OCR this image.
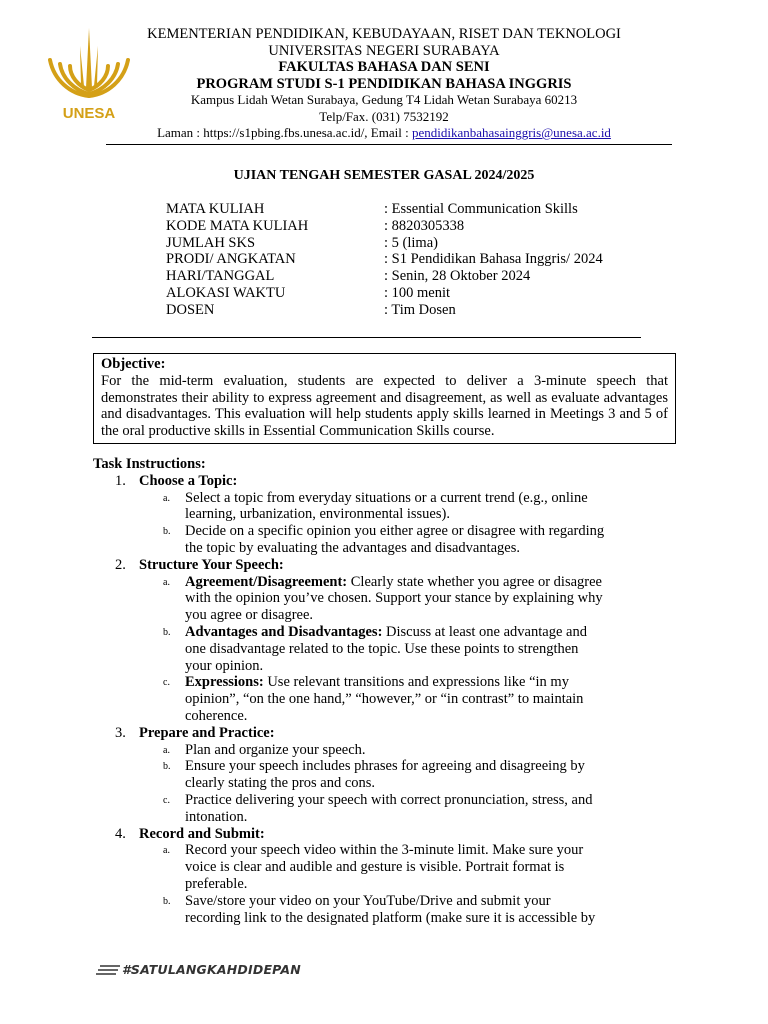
UNESA
KEMENTERIAN PENDIDIKAN, KEBUDAYAAN, RISET DAN TEKNOLOGI
UNIVERSITAS NEGERI SURABAYA
FAKULTAS BAHASA DAN SENI
PROGRAM STUDI S-1 PENDIDIKAN BAHASA INGGRIS
Kampus Lidah Wetan Surabaya, Gedung T4 Lidah Wetan Surabaya 60213
Telp/Fax. (031) 7532192
Laman : https://s1pbing.fbs.unesa.ac.id/, Email : pendidikanbahasainggris@unesa.ac.id
UJIAN TENGAH SEMESTER GASAL 2024/2025
MATA KULIAH	: Essential Communication Skills
KODE MATA KULIAH	: 8820305338
JUMLAH SKS	: 5 (lima)
PRODI/ ANGKATAN	: S1 Pendidikan Bahasa Inggris/ 2024
HARI/TANGGAL	: Senin, 28 Oktober 2024
ALOKASI WAKTU	: 100 menit
DOSEN	: Tim Dosen
Objective:
For the mid-term evaluation, students are expected to deliver a 3-minute speech that demonstrates their ability to express agreement and disagreement, as well as evaluate advantages and disadvantages. This evaluation will help students apply skills learned in Meetings 3 and 5 of the oral productive skills in Essential Communication Skills course.
Task Instructions:
1. Choose a Topic:
a. Select a topic from everyday situations or a current trend (e.g., online learning, urbanization, environmental issues).
b. Decide on a specific opinion you either agree or disagree with regarding the topic by evaluating the advantages and disadvantages.
2. Structure Your Speech:
a. Agreement/Disagreement: Clearly state whether you agree or disagree with the opinion you’ve chosen. Support your stance by explaining why you agree or disagree.
b. Advantages and Disadvantages: Discuss at least one advantage and one disadvantage related to the topic. Use these points to strengthen your opinion.
c. Expressions: Use relevant transitions and expressions like “in my opinion”, “on the one hand,” “however,” or “in contrast” to maintain coherence.
3. Prepare and Practice:
a. Plan and organize your speech.
b. Ensure your speech includes phrases for agreeing and disagreeing by clearly stating the pros and cons.
c. Practice delivering your speech with correct pronunciation, stress, and intonation.
4. Record and Submit:
a. Record your speech video within the 3-minute limit. Make sure your voice is clear and audible and gesture is visible. Portrait format is preferable.
b. Save/store your video on your YouTube/Drive and submit your recording link to the designated platform (make sure it is accessible by
#SATULANGKAHDIDEPAN
